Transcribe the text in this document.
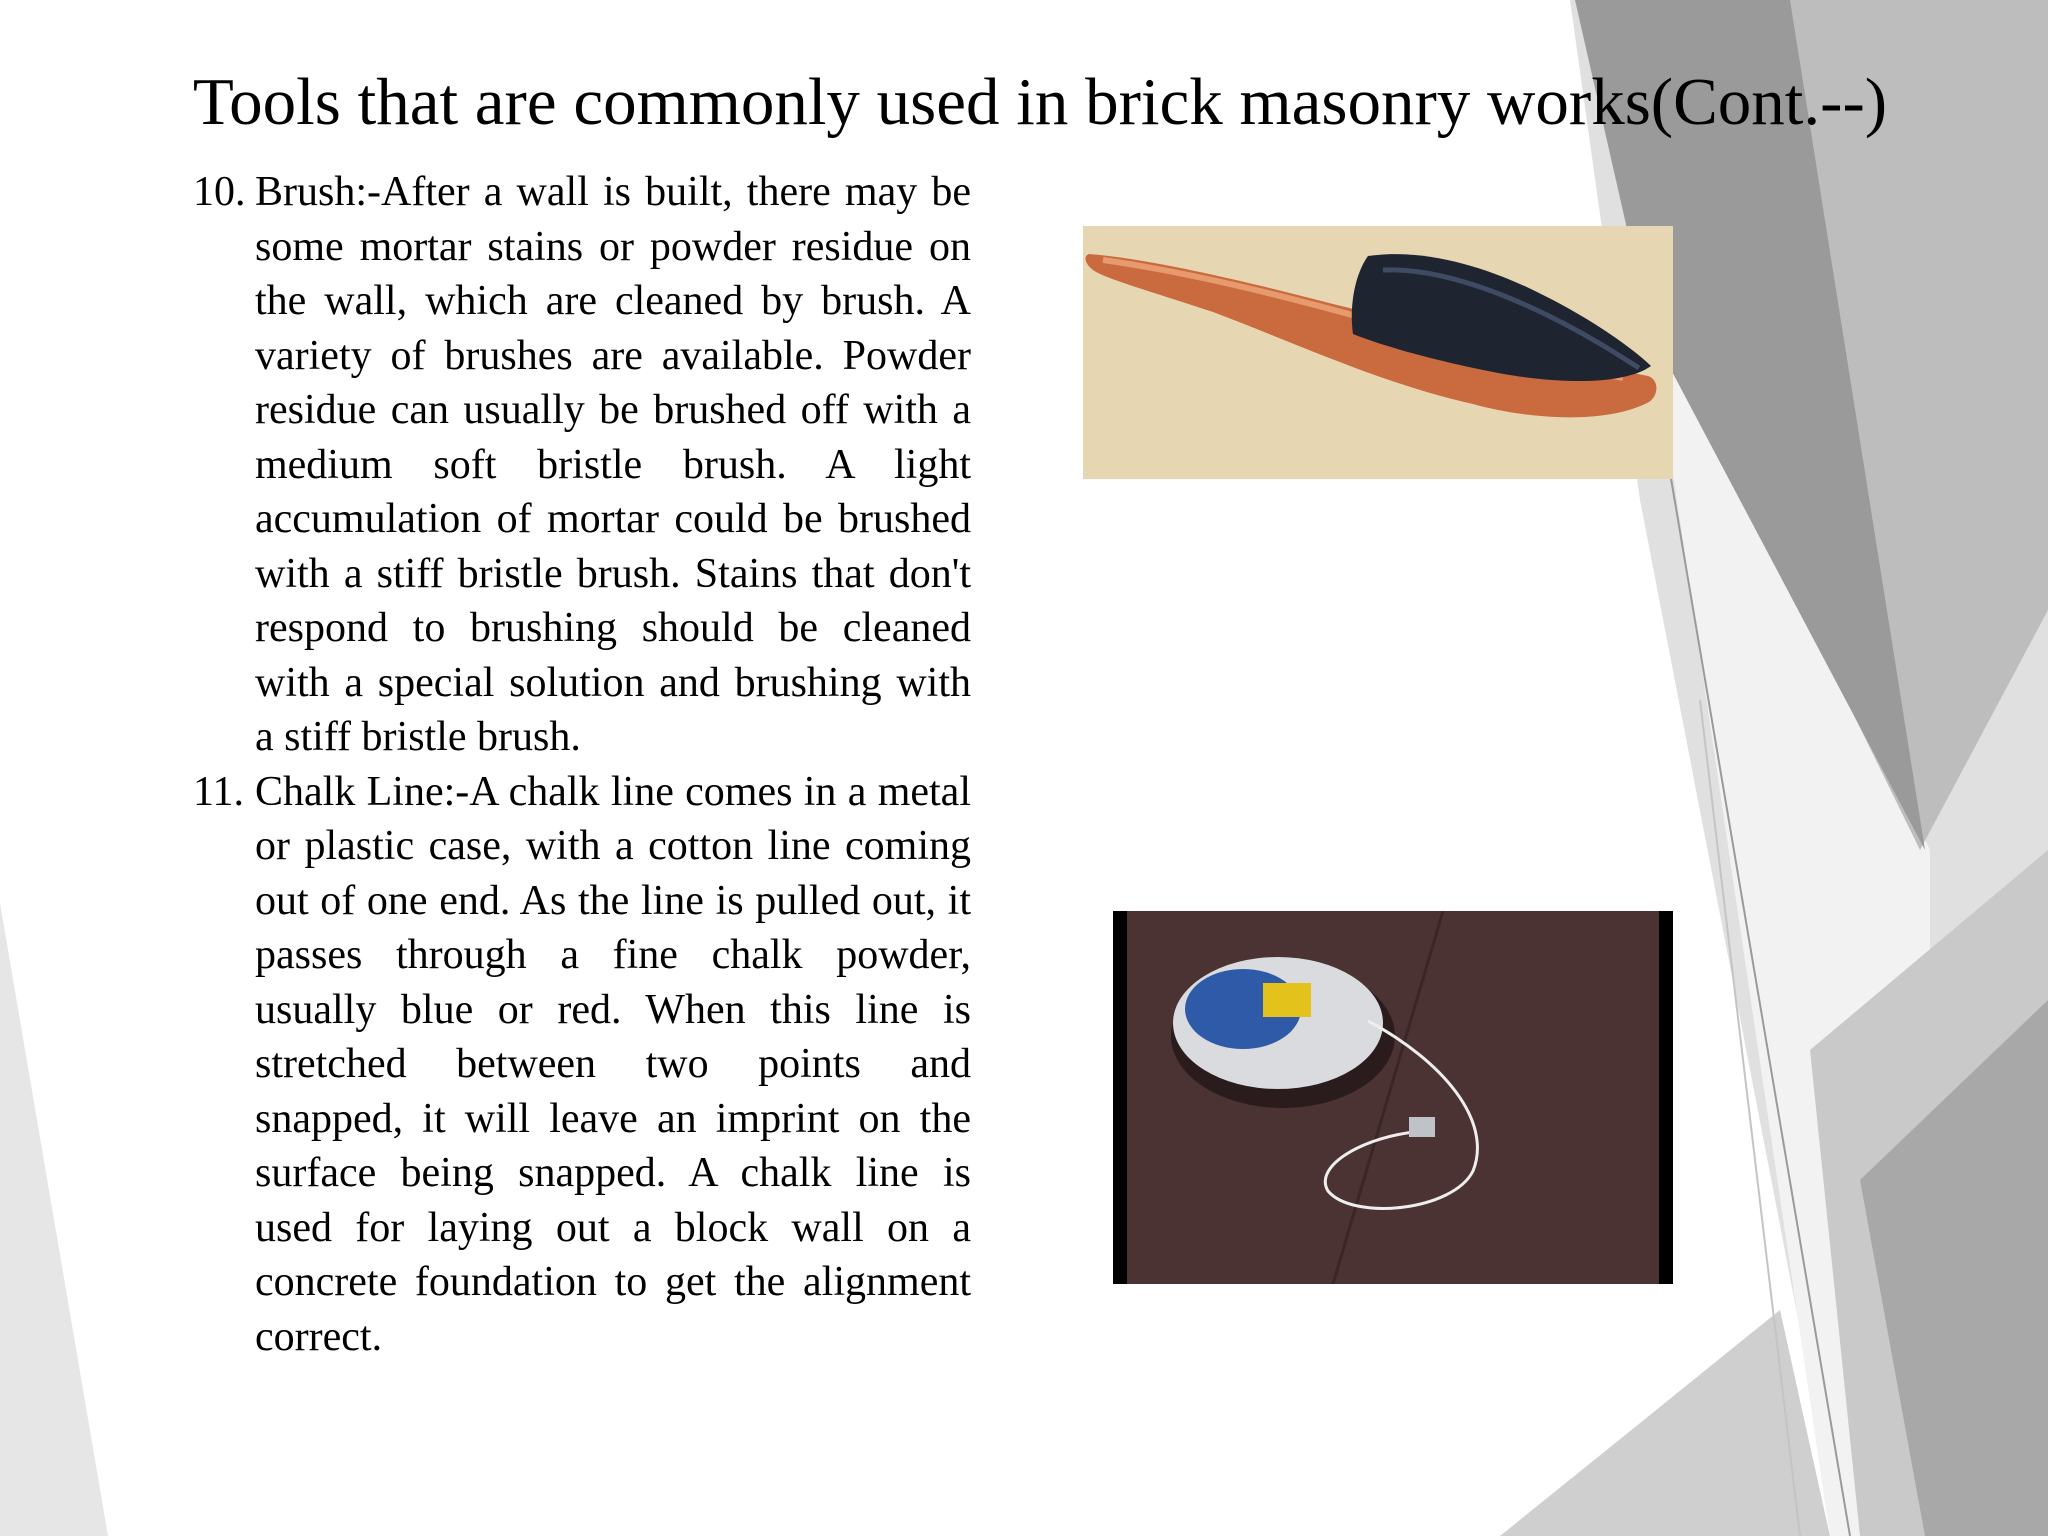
Tools that are commonly used in brick masonry works(Cont.--)
10. Brush:-After a wall is built, there may be some mortar stains or powder residue on the wall, which are cleaned by brush. A variety of brushes are available. Powder residue can usually be brushed off with a medium soft bristle brush. A light accumulation of mortar could be brushed with a stiff bristle brush. Stains that don't respond to brushing should be cleaned with a special solution and brushing with a stiff bristle brush.
11. Chalk Line:-A chalk line comes in a metal or plastic case, with a cotton line coming out of one end. As the line is pulled out, it passes through a fine chalk powder, usually blue or red. When this line is stretched between two points and snapped, it will leave an imprint on the surface being snapped. A chalk line is used for laying out a block wall on a concrete foundation to get the alignment correct.
